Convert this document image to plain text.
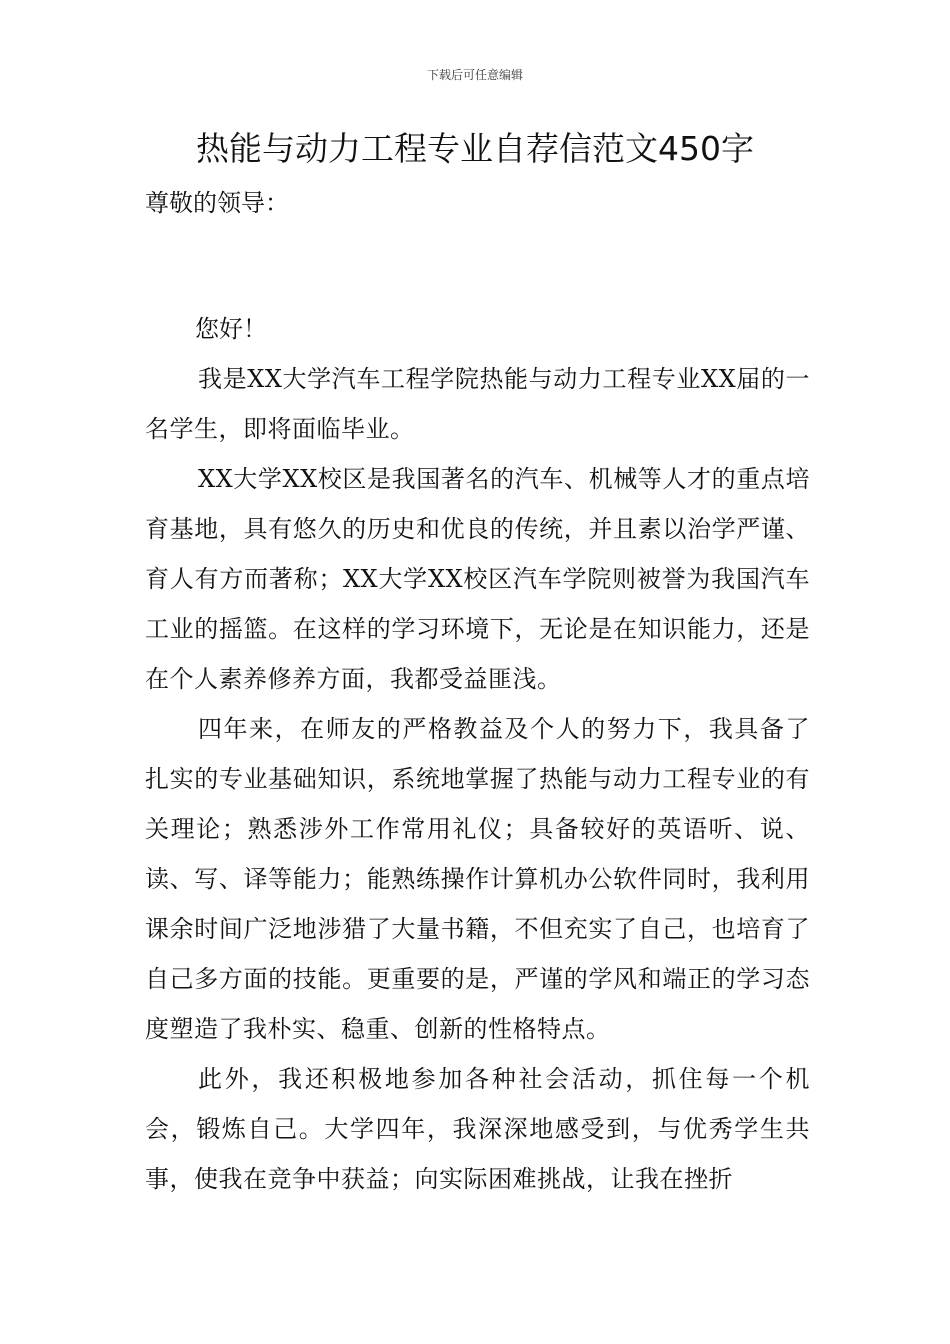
下载后可任意编辑
热能与动力工程专业自荐信范文450字

尊敬的领导：

您好！

我是XX大学汽车工程学院热能与动力工程专业XX届的一名学生，即将面临毕业。

XX大学XX校区是我国著名的汽车、机械等人才的重点培育基地，具有悠久的历史和优良的传统，并且素以治学严谨、育人有方而著称；XX大学XX校区汽车学院则被誉为我国汽车工业的摇篮。在这样的学习环境下，无论是在知识能力，还是在个人素养修养方面，我都受益匪浅。

四年来，在师友的严格教益及个人的努力下，我具备了扎实的专业基础知识，系统地掌握了热能与动力工程专业的有关理论；熟悉涉外工作常用礼仪；具备较好的英语听、说、读、写、译等能力；能熟练操作计算机办公软件同时，我利用课余时间广泛地涉猎了大量书籍，不但充实了自己，也培育了自己多方面的技能。更重要的是，严谨的学风和端正的学习态度塑造了我朴实、稳重、创新的性格特点。

此外，我还积极地参加各种社会活动，抓住每一个机会，锻炼自己。大学四年，我深深地感受到，与优秀学生共事，使我在竞争中获益；向实际困难挑战，让我在挫折
